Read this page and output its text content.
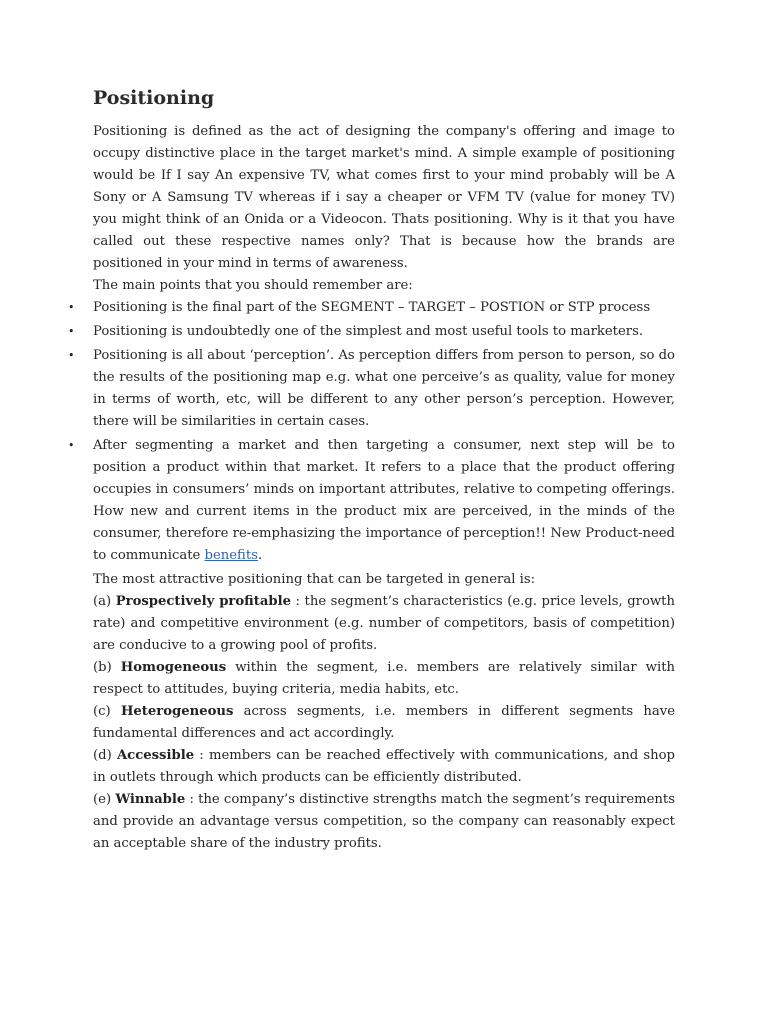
Positioning

Positioning is defined as the act of designing the company's offering and image to occupy distinctive place in the target market's mind. A simple example of positioning would be If I say An expensive TV, what comes first to your mind probably will be A Sony or A Samsung TV whereas if i say a cheaper or VFM TV (value for money TV) you might think of an Onida or a Videocon. Thats positioning. Why is it that you have called out these respective names only? That is because how the brands are positioned in your mind in terms of awareness.

The main points that you should remember are:

• Positioning is the final part of the SEGMENT – TARGET – POSTION or STP process
• Positioning is undoubtedly one of the simplest and most useful tools to marketers.
• Positioning is all about ‘perception’. As perception differs from person to person, so do the results of the positioning map e.g. what one perceive’s as quality, value for money in terms of worth, etc, will be different to any other person’s perception. However, there will be similarities in certain cases.
• After segmenting a market and then targeting a consumer, next step will be to position a product within that market. It refers to a place that the product offering occupies in consumers’ minds on important attributes, relative to competing offerings. How new and current items in the product mix are perceived, in the minds of the consumer, therefore re-emphasizing the importance of perception!! New Product-need to communicate benefits.

The most attractive positioning that can be targeted in general is:

(a) Prospectively profitable : the segment’s characteristics (e.g. price levels, growth rate) and competitive environment (e.g. number of competitors, basis of competition) are conducive to a growing pool of profits.

(b) Homogeneous within the segment, i.e. members are relatively similar with respect to attitudes, buying criteria, media habits, etc.

(c) Heterogeneous across segments, i.e. members in different segments have fundamental differences and act accordingly.

(d) Accessible : members can be reached effectively with communications, and shop in outlets through which products can be efficiently distributed.

(e) Winnable : the company’s distinctive strengths match the segment’s requirements and provide an advantage versus competition, so the company can reasonably expect an acceptable share of the industry profits.
